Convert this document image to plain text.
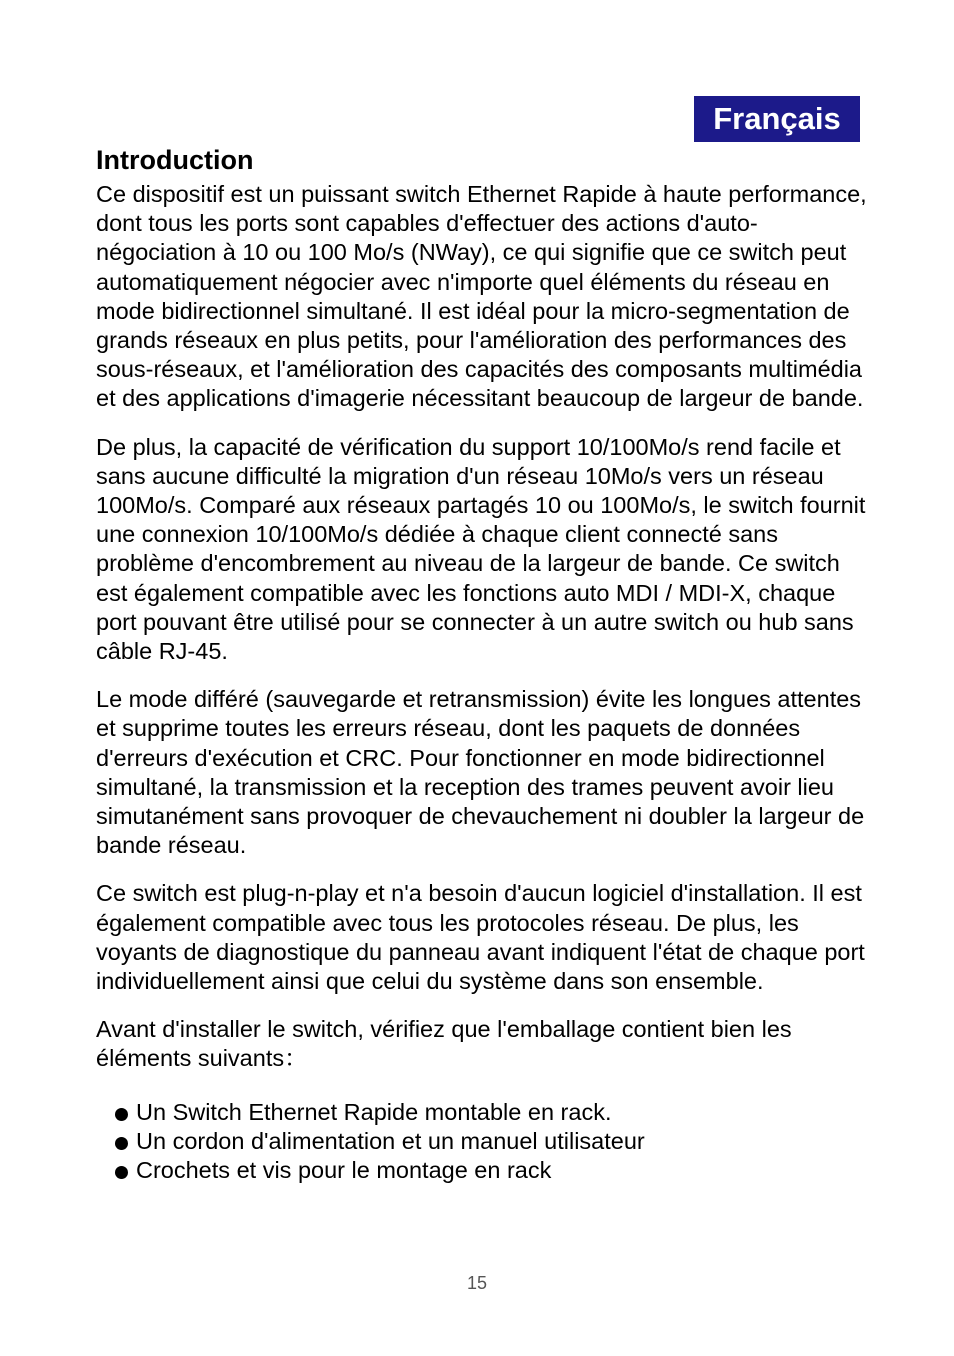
Français
Introduction

Ce dispositif est un puissant switch Ethernet Rapide à haute performance, dont tous les ports sont capables d'effectuer des actions d'auto-négociation à 10 ou 100 Mo/s (NWay), ce qui signifie que ce switch peut automatiquement négocier avec n'importe quel éléments du réseau en mode bidirectionnel simultané. Il est idéal pour la micro-segmentation de grands réseaux en plus petits, pour l'amélioration des performances des sous-réseaux, et l'amélioration des capacités des composants multimédia et des applications d'imagerie nécessitant beaucoup de largeur de bande.

De plus, la capacité de vérification du support 10/100Mo/s rend facile et sans aucune difficulté la migration d'un réseau 10Mo/s vers un réseau 100Mo/s. Comparé aux réseaux partagés 10 ou 100Mo/s, le switch fournit une connexion 10/100Mo/s dédiée à chaque client connecté sans problème d'encombrement au niveau de la largeur de bande. Ce switch est également compatible avec les fonctions auto MDI / MDI-X, chaque port pouvant être utilisé pour se connecter à un autre switch ou hub sans câble RJ-45.

Le mode différé (sauvegarde et retransmission) évite les longues attentes et supprime toutes les erreurs réseau, dont les paquets de données d'erreurs d'exécution et CRC. Pour fonctionner en mode bidirectionnel simultané, la transmission et la reception des trames peuvent avoir lieu simutanément sans provoquer de chevauchement ni doubler la largeur de bande réseau.

Ce switch est plug-n-play et n'a besoin d'aucun logiciel d'installation. Il est également compatible avec tous les protocoles réseau. De plus, les voyants de diagnostique du panneau avant indiquent l'état de chaque port individuellement ainsi que celui du système dans son ensemble.

Avant d'installer le switch, vérifiez que l'emballage contient bien les éléments suivants：

Un Switch Ethernet Rapide montable en rack.
Un cordon d'alimentation et un manuel utilisateur
Crochets et vis pour le montage en rack
15
